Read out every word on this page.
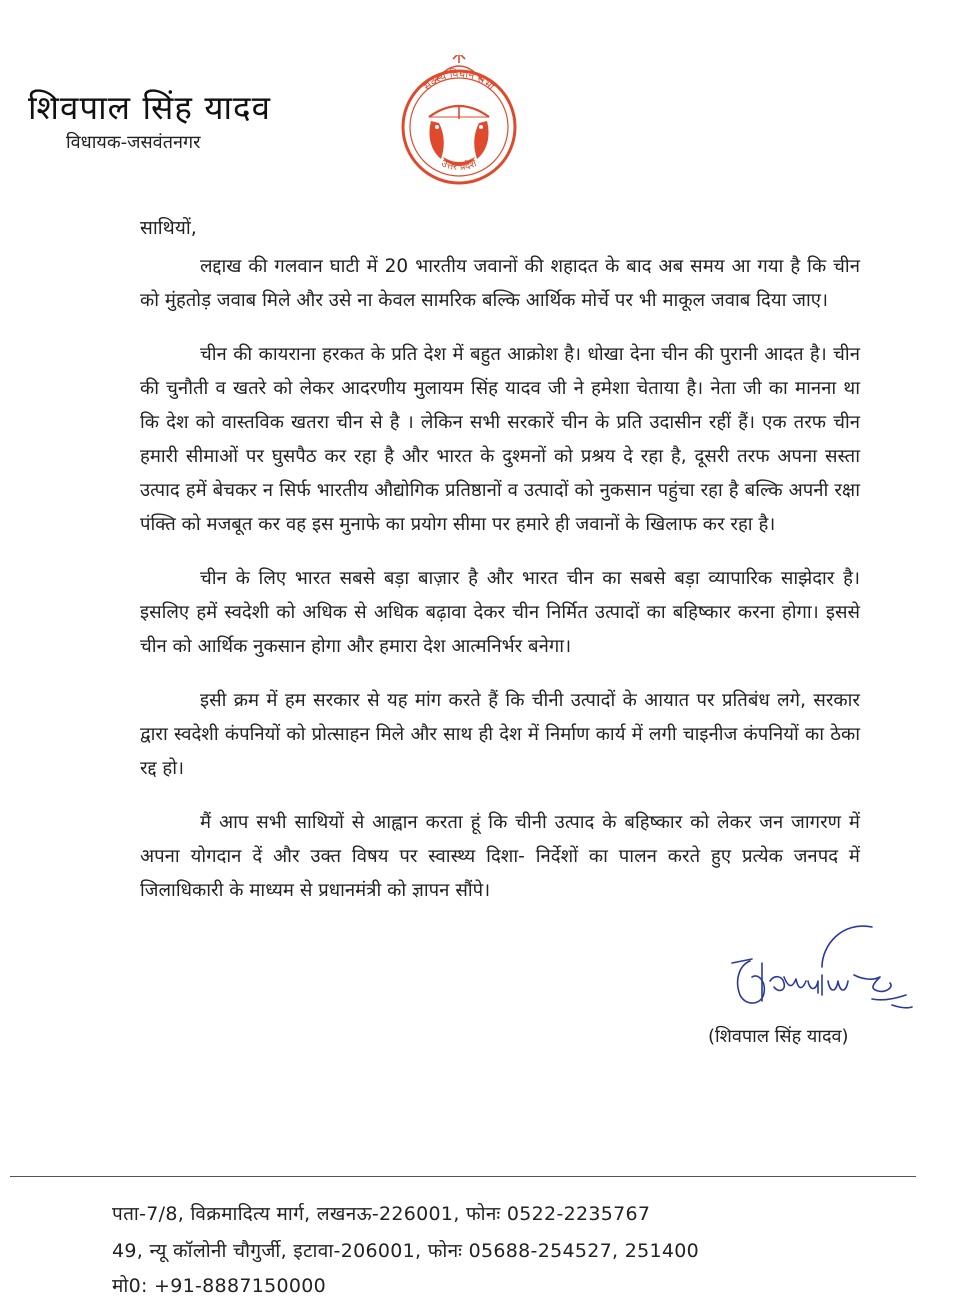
शिवपाल सिंह यादव
विधायक-जसवंतनगर
सदस्य विधान सभा
उत्तर प्रदेश
साथियों,

लद्दाख की गलवान घाटी में 20 भारतीय जवानों की शहादत के बाद अब समय आ गया है कि चीन को मुंहतोड़ जवाब मिले और उसे ना केवल सामरिक बल्कि आर्थिक मोर्चे पर भी माकूल जवाब दिया जाए।

चीन की कायराना हरकत के प्रति देश में बहुत आक्रोश है। धोखा देना चीन की पुरानी आदत है। चीन की चुनौती व खतरे को लेकर आदरणीय मुलायम सिंह यादव जी ने हमेशा चेताया है। नेता जी का मानना था कि देश को वास्तविक खतरा चीन से है । लेकिन सभी सरकारें चीन के प्रति उदासीन रहीं हैं। एक तरफ चीन हमारी सीमाओं पर घुसपैठ कर रहा है और भारत के दुश्मनों को प्रश्रय दे रहा है, दूसरी तरफ अपना सस्ता उत्पाद हमें बेचकर न सिर्फ भारतीय औद्योगिक प्रतिष्ठानों व उत्पादों को नुकसान पहुंचा रहा है बल्कि अपनी रक्षा पंक्ति को मजबूत कर वह इस मुनाफे का प्रयोग सीमा पर हमारे ही जवानों के खिलाफ कर रहा है।

चीन के लिए भारत सबसे बड़ा बाज़ार है और भारत चीन का सबसे बड़ा व्यापारिक साझेदार है। इसलिए हमें स्वदेशी को अधिक से अधिक बढ़ावा देकर चीन निर्मित उत्पादों का बहिष्कार करना होगा। इससे चीन को आर्थिक नुकसान होगा और हमारा देश आत्मनिर्भर बनेगा।

इसी क्रम में हम सरकार से यह मांग करते हैं कि चीनी उत्पादों के आयात पर प्रतिबंध लगे, सरकार द्वारा स्वदेशी कंपनियों को प्रोत्साहन मिले और साथ ही देश में निर्माण कार्य में लगी चाइनीज कंपनियों का ठेका रद्द हो।

मैं आप सभी साथियों से आह्वान करता हूं कि चीनी उत्पाद के बहिष्कार को लेकर जन जागरण में अपना योगदान दें और उक्त विषय पर स्वास्थ्य दिशा- निर्देशों का पालन करते हुए प्रत्येक जनपद में जिलाधिकारी के माध्यम से प्रधानमंत्री को ज्ञापन सौंपे।

(शिवपाल सिंह यादव)
पता-7/8, विक्रमादित्य मार्ग, लखनऊ-226001, फोनः 0522-2235767
49, न्यू कॉलोनी चौगुर्जी, इटावा-206001, फोनः 05688-254527, 251400
मो0: +91-8887150000
